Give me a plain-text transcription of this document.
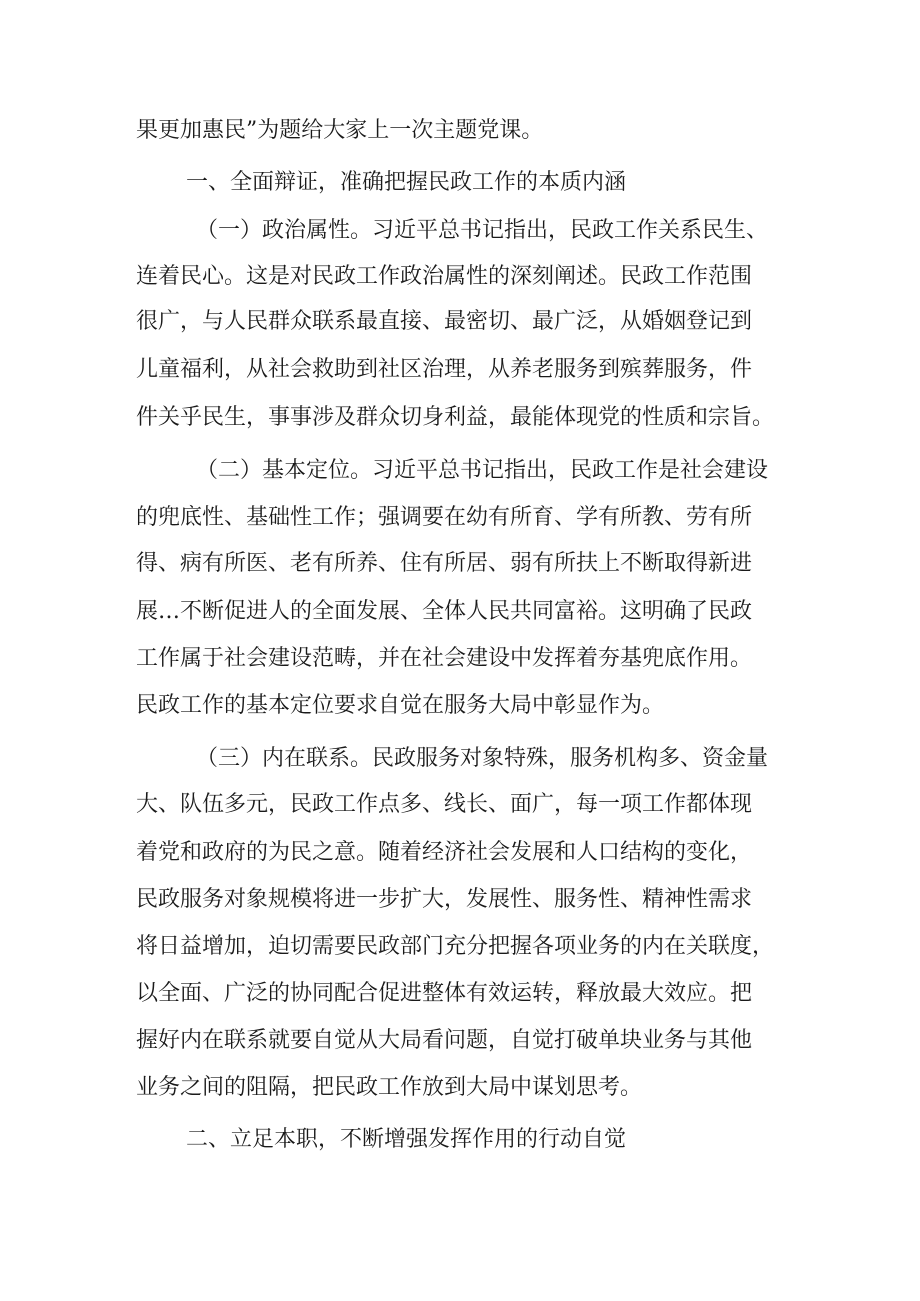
果更加惠民”为题给大家上一次主题党课。
一、全面辩证，准确把握民政工作的本质内涵
（一）政治属性。习近平总书记指出，民政工作关系民生、
连着民心。这是对民政工作政治属性的深刻阐述。民政工作范围
很广，与人民群众联系最直接、最密切、最广泛，从婚姻登记到
儿童福利，从社会救助到社区治理，从养老服务到殡葬服务，件
件关乎民生，事事涉及群众切身利益，最能体现党的性质和宗旨。
（二）基本定位。习近平总书记指出，民政工作是社会建设
的兜底性、基础性工作；强调要在幼有所育、学有所教、劳有所
得、病有所医、老有所养、住有所居、弱有所扶上不断取得新进
展…不断促进人的全面发展、全体人民共同富裕。这明确了民政
工作属于社会建设范畴，并在社会建设中发挥着夯基兜底作用。
民政工作的基本定位要求自觉在服务大局中彰显作为。
（三）内在联系。民政服务对象特殊，服务机构多、资金量
大、队伍多元，民政工作点多、线长、面广，每一项工作都体现
着党和政府的为民之意。随着经济社会发展和人口结构的变化，
民政服务对象规模将进一步扩大，发展性、服务性、精神性需求
将日益增加，迫切需要民政部门充分把握各项业务的内在关联度，
以全面、广泛的协同配合促进整体有效运转，释放最大效应。把
握好内在联系就要自觉从大局看问题，自觉打破单块业务与其他
业务之间的阻隔，把民政工作放到大局中谋划思考。
二、立足本职，不断增强发挥作用的行动自觉
